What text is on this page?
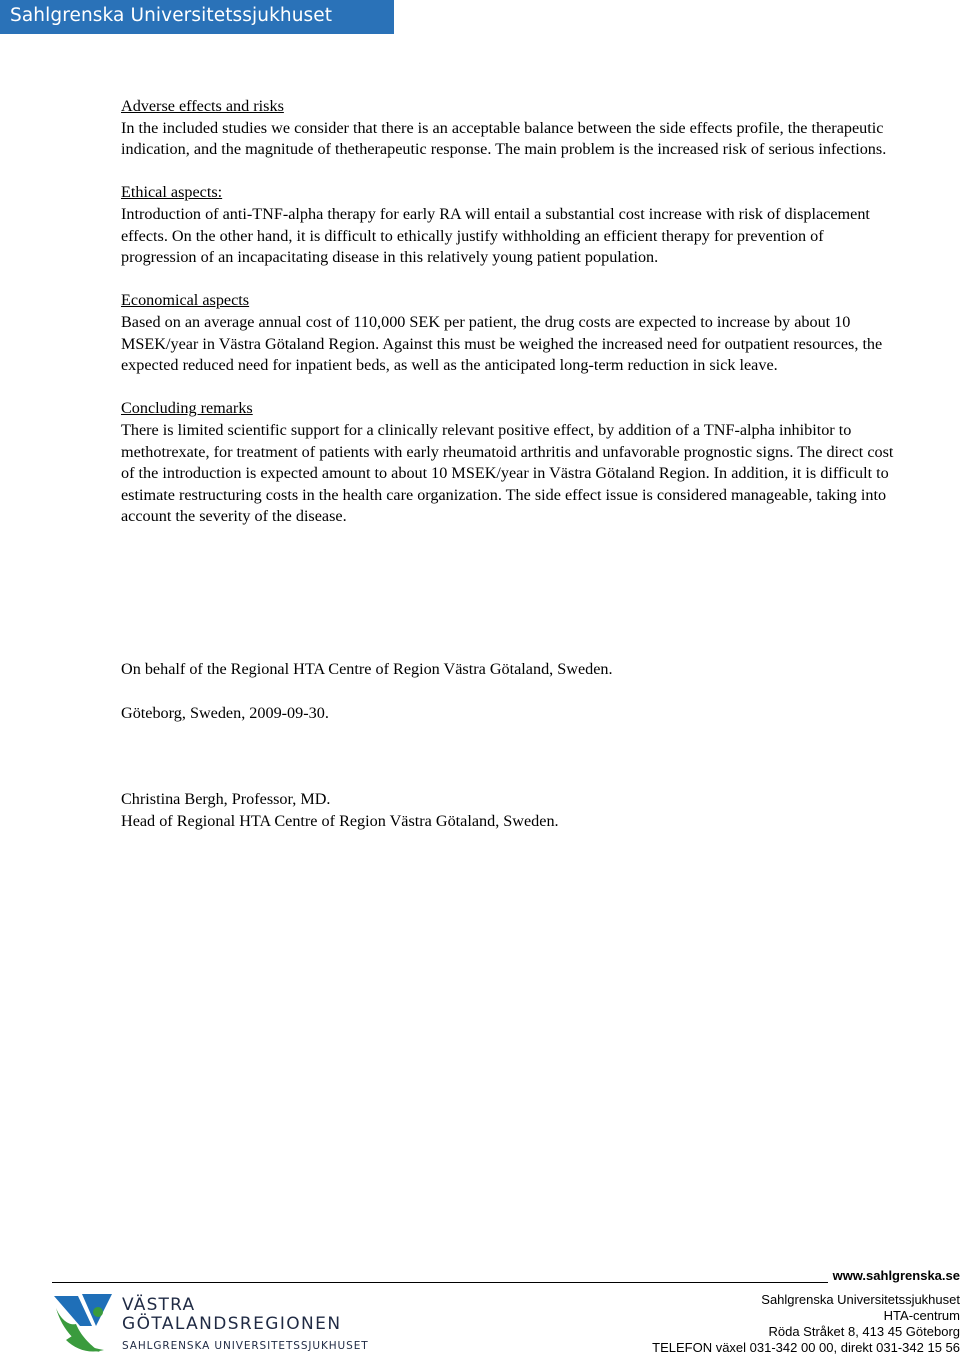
Sahlgrenska Universitetssjukhuset
Adverse effects and risks
In the included studies we consider that there is an acceptable balance between the side effects profile, the therapeutic indication, and the magnitude of thetherapeutic response. The main problem is the increased risk of serious infections.
Ethical aspects:
Introduction of anti-TNF-alpha therapy for early RA will entail a substantial cost increase with risk of displacement effects. On the other hand, it is difficult to ethically justify withholding an efficient therapy for prevention of progression of an incapacitating disease in this relatively young patient population.
Economical aspects
Based on an average annual cost of 110,000 SEK per patient, the drug costs are expected to increase by about 10 MSEK/year in Västra Götaland Region. Against this must be weighed the increased need for outpatient resources, the expected reduced need for inpatient beds, as well as the anticipated long-term reduction in sick leave.
Concluding remarks
There is limited scientific support for a clinically relevant positive effect, by addition of a TNF-alpha inhibitor to methotrexate, for treatment of patients with early rheumatoid arthritis and unfavorable prognostic signs. The direct cost of the introduction is expected amount to about 10 MSEK/year in Västra Götaland Region. In addition, it is difficult to estimate restructuring costs in the health care organization. The side effect issue is considered manageable, taking into account the severity of the disease.
On behalf of the Regional HTA Centre of Region Västra Götaland, Sweden.
Göteborg, Sweden, 2009-09-30.
Christina Bergh, Professor, MD.
Head of Regional HTA Centre of Region Västra Götaland, Sweden.
www.sahlgrenska.se
Sahlgrenska Universitetssjukhuset
HTA-centrum
Röda Stråket 8, 413 45 Göteborg
TELEFON växel 031-342 00 00, direkt 031-342 15 56
VÄSTRA
GÖTALANDSREGIONEN
SAHLGRENSKA UNIVERSITETSSJUKHUSET
